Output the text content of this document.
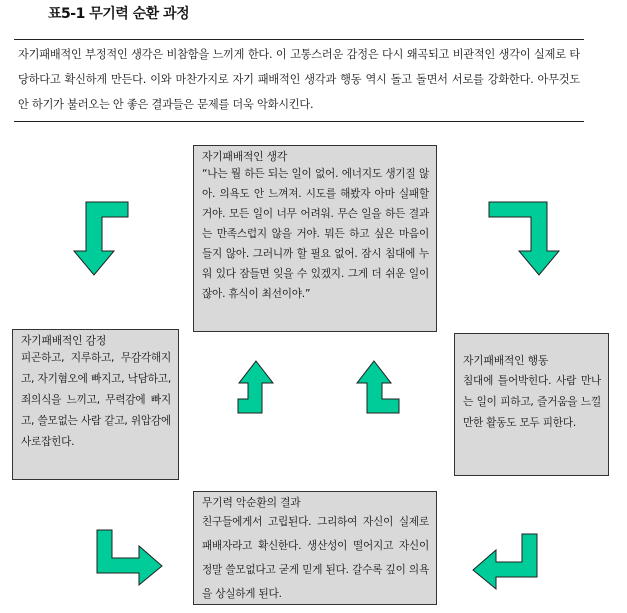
표5-1 무기력 순환 과정
자기패배적인 부정적인 생각은 비참함을 느끼게 한다. 이 고통스러운 감정은 다시 왜곡되고 비관적인 생각이 실제로 타당하다고 확신하게 만든다. 이와 마찬가지로 자기 패배적인 생각과 행동 역시 돌고 돌면서 서로를 강화한다. 아무것도 안 하기가 불러오는 안 좋은 결과들은 문제를 더욱 악화시킨다.
자기패배적인 생각
“나는 뭘 하든 되는 일이 없어. 에너지도 생기질 않아. 의욕도 안 느껴져. 시도를 해봤자 아마 실패할 거야. 모든 일이 너무 어려워. 무슨 일을 하든 결과는 만족스럽지 않을 거야. 뭐든 하고 싶은 마음이 들지 않아. 그러니까 할 필요 없어. 잠시 침대에 누워 있다 잠들면 잊을 수 있겠지. 그게 더 쉬운 일이잖아. 휴식이 최선이야.”
자기패배적인 감정
피곤하고, 지루하고, 무감각해지고, 자기혐오에 빠지고, 낙담하고, 죄의식을 느끼고, 무력감에 빠지고, 쓸모없는 사람 같고, 위압감에 사로잡힌다.
자기패배적인 행동
침대에 틀어박힌다. 사람 만나는 일이 피하고, 즐거움을 느낄 만한 활동도 모두 피한다.
무기력 악순환의 결과
친구들에게서 고립된다. 그리하여 자신이 실제로 패배자라고 확신한다. 생산성이 떨어지고 자신이 정말 쓸모없다고 굳게 믿게 된다. 갈수록 깊이 의욕을 상실하게 된다.
